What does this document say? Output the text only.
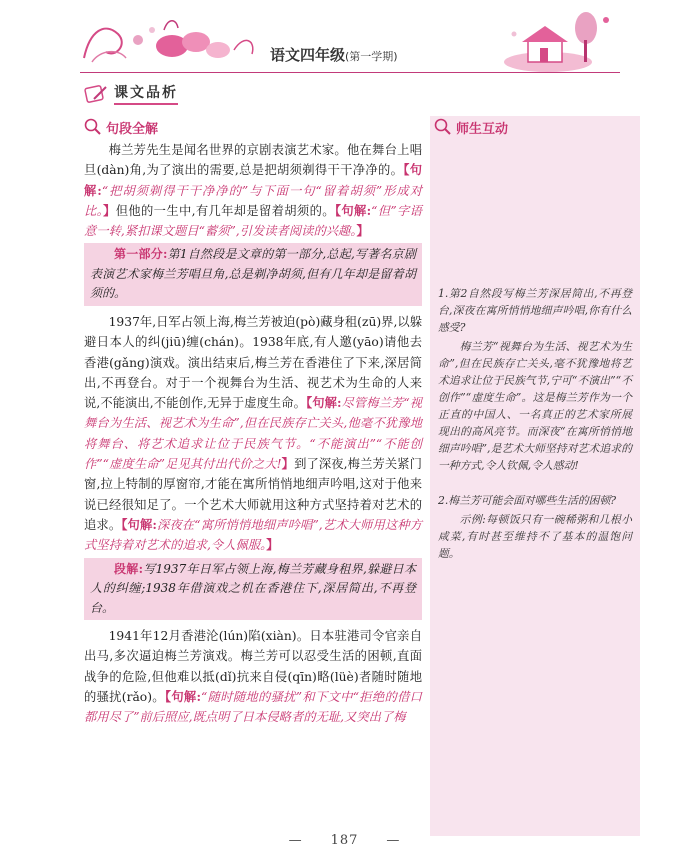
语文四年级(第一学期)
课文品析
句段全解

梅兰芳先生是闻名世界的京剧表演艺术家。他在舞台上唱旦(dàn)角,为了演出的需要,总是把胡须剃得干干净净的。【句解:“把胡须剃得干干净净的”与下面一句“留着胡须”形成对比。】但他的一生中,有几年却是留着胡须的。【句解:“但”字语意一转,紧扣课文题目“蓄须”,引发读者阅读的兴趣。】

第一部分:第1自然段是文章的第一部分,总起,写著名京剧表演艺术家梅兰芳唱旦角,总是剃净胡须,但有几年却是留着胡须的。

1937年,日军占领上海,梅兰芳被迫(pò)藏身租(zū)界,以躲避日本人的纠(jiū)缠(chán)。1938年底,有人邀(yāo)请他去香港(gǎng)演戏。演出结束后,梅兰芳在香港住了下来,深居简出,不再登台。对于一个视舞台为生活、视艺术为生命的人来说,不能演出,不能创作,无异于虚度生命。【句解:尽管梅兰芳“视舞台为生活、视艺术为生命”,但在民族存亡关头,他毫不犹豫地将舞台、将艺术追求让位于民族气节。“不能演出”“不能创作”“虚度生命”足见其付出代价之大!】到了深夜,梅兰芳关紧门窗,拉上特制的厚窗帘,才能在寓所悄悄地细声吟唱,这对于他来说已经很知足了。一个艺术大师就用这种方式坚持着对艺术的追求。【句解:深夜在“寓所悄悄地细声吟唱”,艺术大师用这种方式坚持着对艺术的追求,令人佩服。】

段解:写1937年日军占领上海,梅兰芳藏身租界,躲避日本人的纠缠;1938年借演戏之机在香港住下,深居简出,不再登台。

1941年12月香港沦(lún)陷(xiàn)。日本驻港司令官亲自出马,多次逼迫梅兰芳演戏。梅兰芳可以忍受生活的困顿,直面战争的危险,但他难以抵(dǐ)抗来自侵(qīn)略(lüè)者随时随地的骚扰(rǎo)。【句解:“随时随地的骚扰”和下文中“拒绝的借口都用尽了”前后照应,既点明了日本侵略者的无耻,又突出了梅

师生互动
1.第2自然段写梅兰芳深居简出,不再登台,深夜在寓所悄悄地细声吟唱,你有什么感受?
梅兰芳“视舞台为生活、视艺术为生命”,但在民族存亡关头,毫不犹豫地将艺术追求让位于民族气节,宁可“不演出”“不创作”“虚度生命”。这是梅兰芳作为一个正直的中国人、一名真正的艺术家所展现出的高风亮节。而深夜“在寓所悄悄地细声吟唱”,是艺术大师坚持对艺术追求的一种方式,令人钦佩,令人感动!
2.梅兰芳可能会面对哪些生活的困顿?
示例:每顿饭只有一碗稀粥和几根小咸菜,有时甚至维持不了基本的温饱问题。
— 187 —
